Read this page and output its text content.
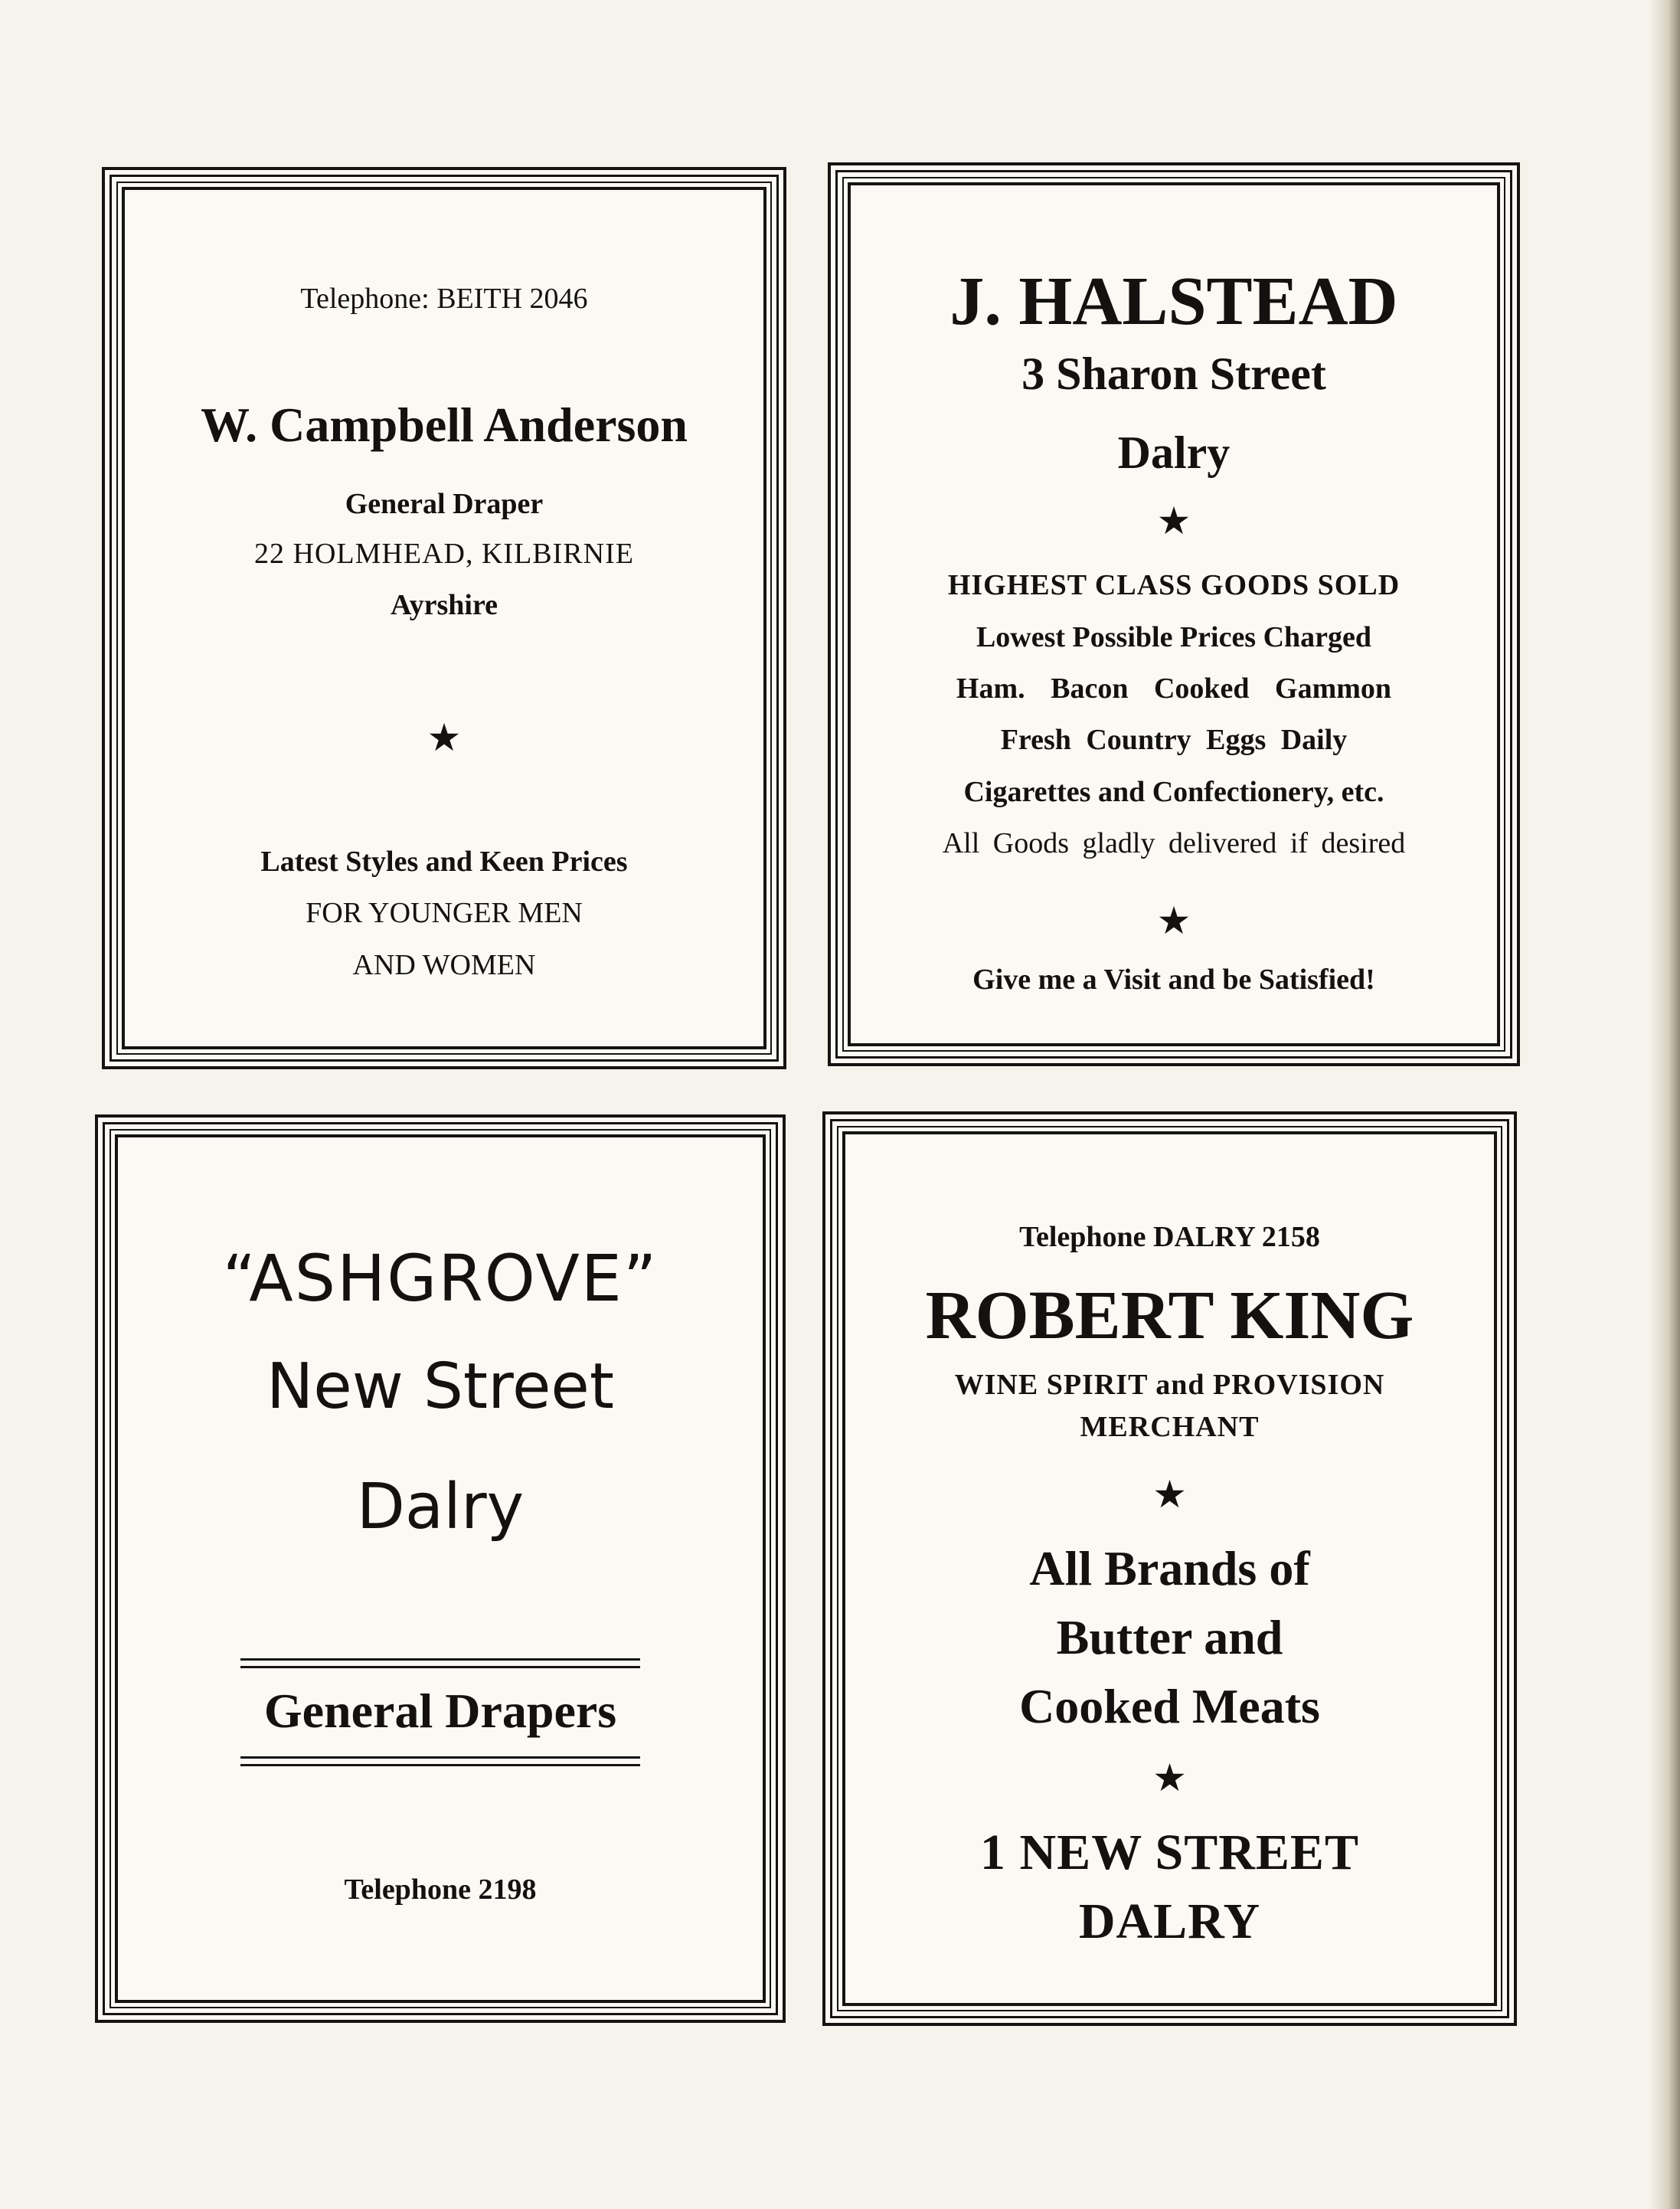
Telephone: BEITH 2046
W. Campbell Anderson
General Draper
22 HOLMHEAD, KILBIRNIE
Ayrshire
★
Latest Styles and Keen Prices
FOR YOUNGER MEN
AND WOMEN
J. HALSTEAD
3 Sharon Street
Dalry
★
HIGHEST CLASS GOODS SOLD
Lowest Possible Prices Charged
Ham. Bacon Cooked Gammon
Fresh Country Eggs Daily
Cigarettes and Confectionery, etc.
All Goods gladly delivered if desired
★
Give me a Visit and be Satisfied!
“ASHGROVE”
New Street
Dalry
General Drapers
Telephone 2198
Telephone DALRY 2158
ROBERT KING
WINE SPIRIT and PROVISION
MERCHANT
★
All Brands of
Butter and
Cooked Meats
★
1 NEW STREET
DALRY
